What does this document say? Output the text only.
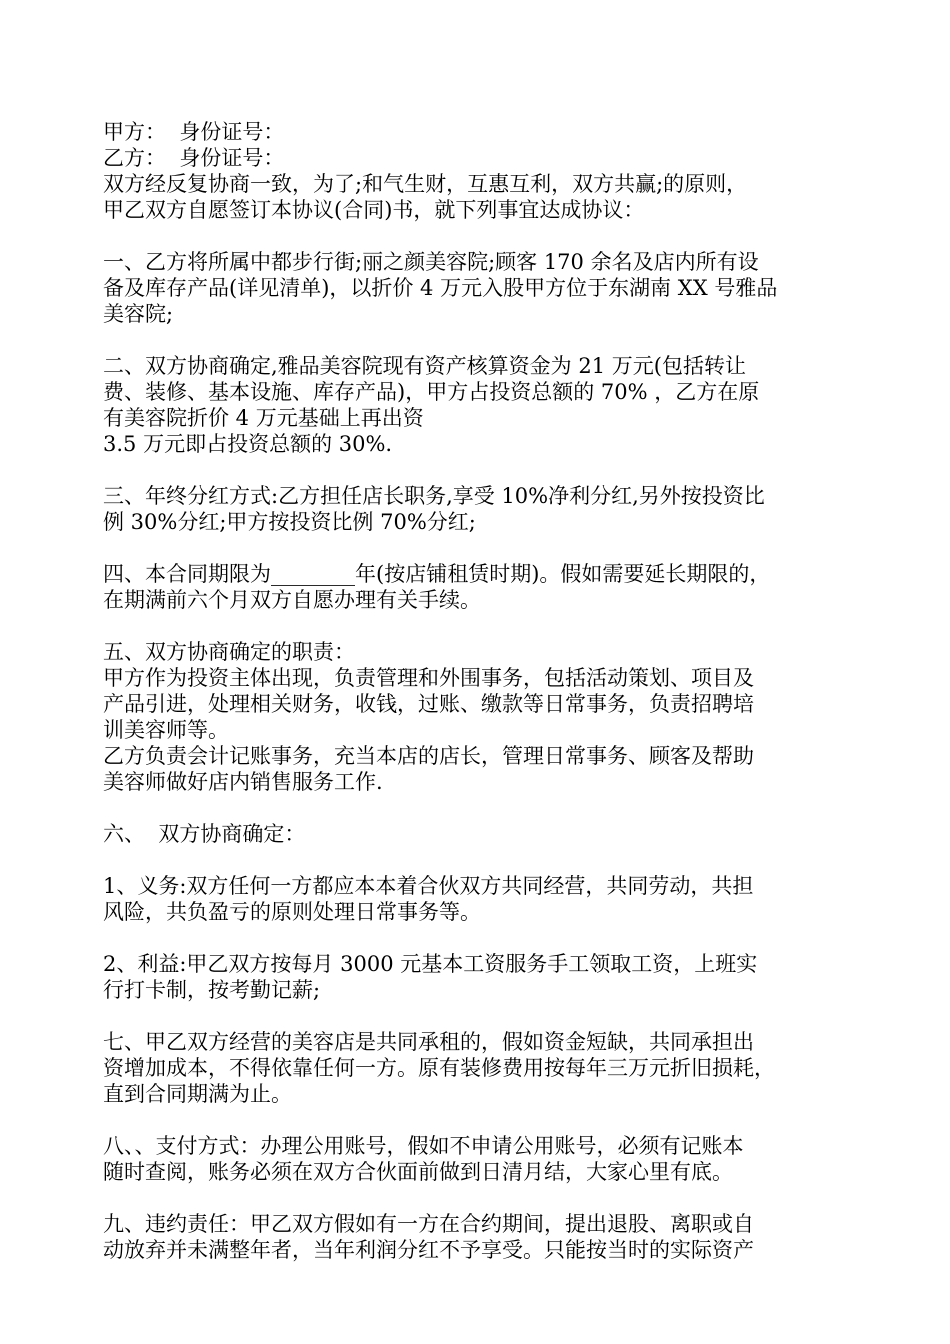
甲方：  身份证号：
乙方：  身份证号：
双方经反复协商一致，为了;和气生财，互惠互利，双方共赢;的原则，
甲乙双方自愿签订本协议(合同)书，就下列事宜达成协议：
一、乙方将所属中都步行街;丽之颜美容院;顾客 170 余名及店内所有设
备及库存产品(详见清单)，以折价 4 万元入股甲方位于东湖南 XX 号雅品
美容院;
二、双方协商确定,雅品美容院现有资产核算资金为 21 万元(包括转让
费、装修、基本设施、库存产品)，甲方占投资总额的 70% ，乙方在原
有美容院折价 4 万元基础上再出资
3.5 万元即占投资总额的 30%.
三、年终分红方式:乙方担任店长职务,享受 10%净利分红,另外按投资比
例 30%分红;甲方按投资比例 70%分红;
四、本合同期限为________年(按店铺租赁时期)。假如需要延长期限的，
在期满前六个月双方自愿办理有关手续。
五、双方协商确定的职责：
甲方作为投资主体出现，负责管理和外围事务，包括活动策划、项目及
产品引进，处理相关财务，收钱，过账、缴款等日常事务，负责招聘培
训美容师等。
乙方负责会计记账事务，充当本店的店长，管理日常事务、顾客及帮助
美容师做好店内销售服务工作.
六、  双方协商确定：
1、义务:双方任何一方都应本本着合伙双方共同经营，共同劳动，共担
风险，共负盈亏的原则处理日常事务等。
2、利益:甲乙双方按每月 3000 元基本工资服务手工领取工资，上班实
行打卡制，按考勤记薪;
七、甲乙双方经营的美容店是共同承租的，假如资金短缺，共同承担出
资增加成本，不得依靠任何一方。原有装修费用按每年三万元折旧损耗，
直到合同期满为止。
八、、支付方式：办理公用账号，假如不申请公用账号，必须有记账本
随时查阅，账务必须在双方合伙面前做到日清月结，大家心里有底。
九、违约责任：甲乙双方假如有一方在合约期间，提出退股、离职或自
动放弃并未满整年者，当年利润分红不予享受。只能按当时的实际资产
